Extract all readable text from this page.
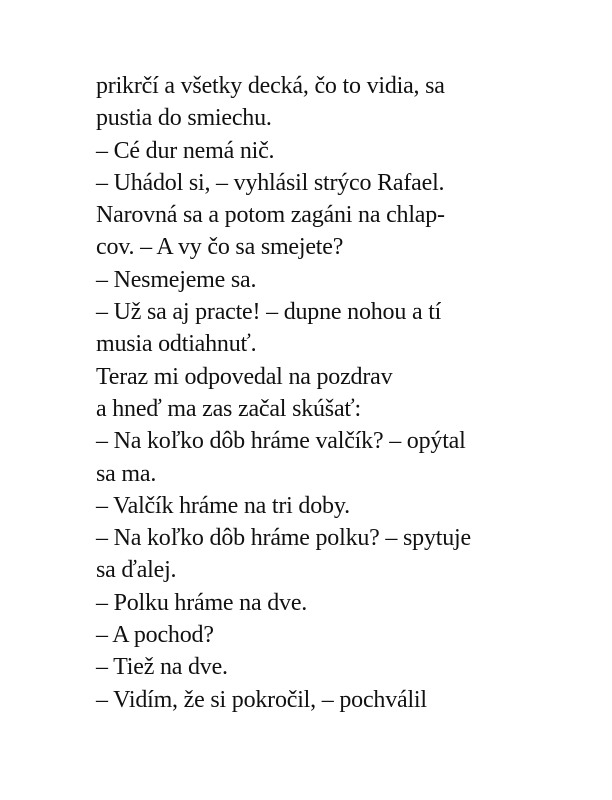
prikrčí a všetky decká, čo to vidia, sa
pustia do smiechu.
– Cé dur nemá nič.
– Uhádol si, – vyhlásil strýco Rafael.
Narovná sa a potom zagáni na chlap-
cov. – A vy čo sa smejete?
– Nesmejeme sa.
– Už sa aj practe! – dupne nohou a tí
musia odtiahnuť.
Teraz mi odpovedal na pozdrav
a hneď ma zas začal skúšať:
– Na koľko dôb hráme valčík? – opýtal
sa ma.
– Valčík hráme na tri doby.
– Na koľko dôb hráme polku? – spytuje
sa ďalej.
– Polku hráme na dve.
– A pochod?
– Tiež na dve.
– Vidím, že si pokročil, – pochválil
